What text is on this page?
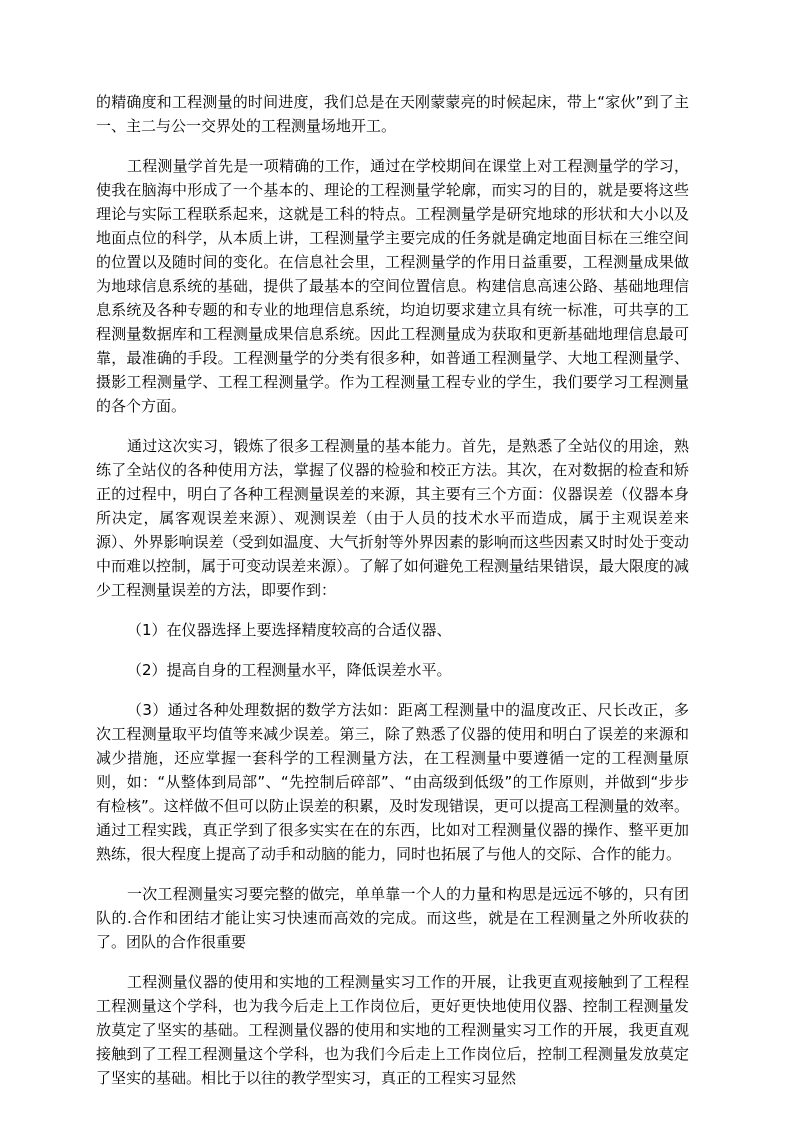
的精确度和工程测量的时间进度，我们总是在天刚蒙蒙亮的时候起床，带上“家伙”到了主一、主二与公一交界处的工程测量场地开工。

工程测量学首先是一项精确的工作，通过在学校期间在课堂上对工程测量学的学习，使我在脑海中形成了一个基本的、理论的工程测量学轮廓，而实习的目的，就是要将这些理论与实际工程联系起来，这就是工科的特点。工程测量学是研究地球的形状和大小以及地面点位的科学，从本质上讲，工程测量学主要完成的任务就是确定地面目标在三维空间的位置以及随时间的变化。在信息社会里，工程测量学的作用日益重要，工程测量成果做为地球信息系统的基础，提供了最基本的空间位置信息。构建信息高速公路、基础地理信息系统及各种专题的和专业的地理信息系统，均迫切要求建立具有统一标准，可共享的工程测量数据库和工程测量成果信息系统。因此工程测量成为获取和更新基础地理信息最可靠，最准确的手段。工程测量学的分类有很多种，如普通工程测量学、大地工程测量学、摄影工程测量学、工程工程测量学。作为工程测量工程专业的学生，我们要学习工程测量的各个方面。

通过这次实习，锻炼了很多工程测量的基本能力。首先，是熟悉了全站仪的用途，熟练了全站仪的各种使用方法，掌握了仪器的检验和校正方法。其次，在对数据的检查和矫正的过程中，明白了各种工程测量误差的来源，其主要有三个方面：仪器误差（仪器本身所决定，属客观误差来源）、观测误差（由于人员的技术水平而造成，属于主观误差来源）、外界影响误差（受到如温度、大气折射等外界因素的影响而这些因素又时时处于变动中而难以控制，属于可变动误差来源）。了解了如何避免工程测量结果错误，最大限度的减少工程测量误差的方法，即要作到：

（1）在仪器选择上要选择精度较高的合适仪器、

（2）提高自身的工程测量水平，降低误差水平。

（3）通过各种处理数据的数学方法如：距离工程测量中的温度改正、尺长改正，多次工程测量取平均值等来减少误差。第三，除了熟悉了仪器的使用和明白了误差的来源和减少措施，还应掌握一套科学的工程测量方法，在工程测量中要遵循一定的工程测量原则，如：“从整体到局部”、“先控制后碎部”、“由高级到低级”的工作原则，并做到“步步有检核”。这样做不但可以防止误差的积累，及时发现错误，更可以提高工程测量的效率。通过工程实践，真正学到了很多实实在在的东西，比如对工程测量仪器的操作、整平更加熟练，很大程度上提高了动手和动脑的能力，同时也拓展了与他人的交际、合作的能力。

一次工程测量实习要完整的做完，单单靠一个人的力量和构思是远远不够的，只有团队的.合作和团结才能让实习快速而高效的完成。而这些，就是在工程测量之外所收获的了。团队的合作很重要

工程测量仪器的使用和实地的工程测量实习工作的开展，让我更直观接触到了工程程工程测量这个学科，也为我今后走上工作岗位后，更好更快地使用仪器、控制工程测量发放莫定了坚实的基础。工程测量仪器的使用和实地的工程测量实习工作的开展，我更直观接触到了工程工程测量这个学科，也为我们今后走上工作岗位后，控制工程测量发放莫定了坚实的基础。相比于以往的教学型实习，真正的工程实习显然
